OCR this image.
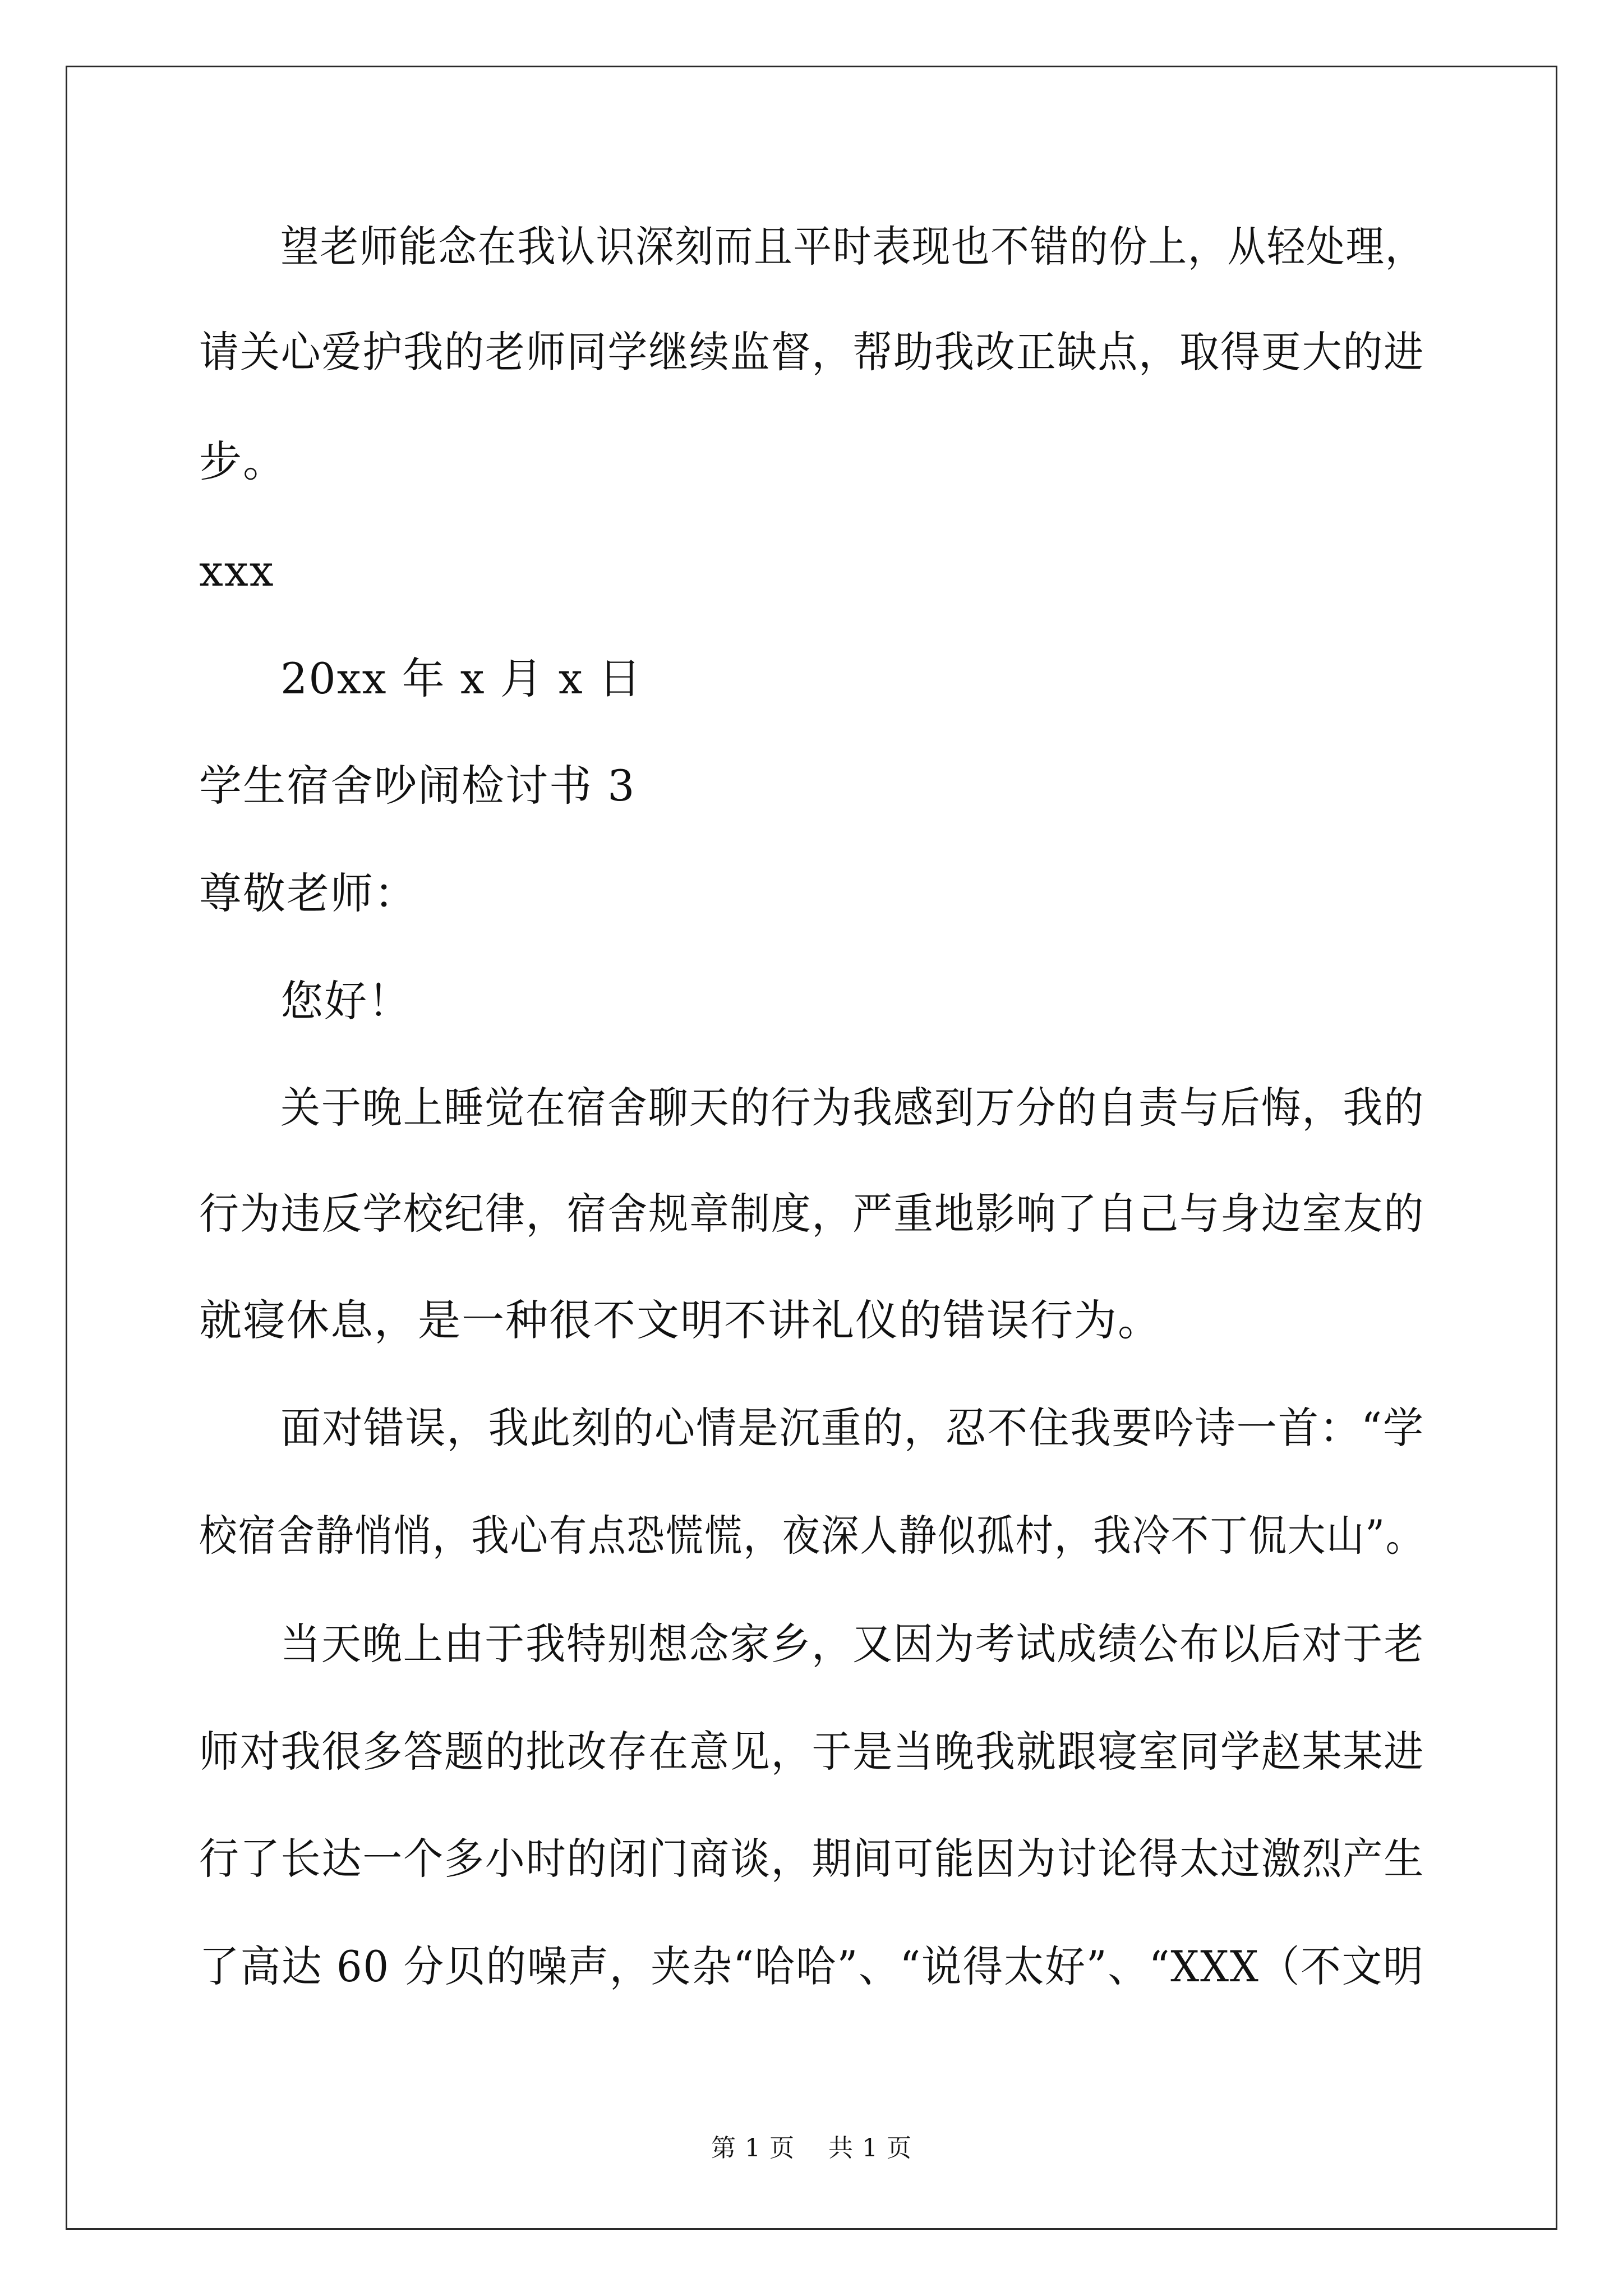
望老师能念在我认识深刻而且平时表现也不错的份上，从轻处理，
请关心爱护我的老师同学继续监督，帮助我改正缺点，取得更大的进
步。
xxx
20xx 年 x 月 x 日
学生宿舍吵闹检讨书 3
尊敬老师：
您好！
关于晚上睡觉在宿舍聊天的行为我感到万分的自责与后悔，我的
行为违反学校纪律，宿舍规章制度，严重地影响了自己与身边室友的
就寝休息，是一种很不文明不讲礼仪的错误行为。
面对错误，我此刻的心情是沉重的，忍不住我要吟诗一首：“学
校宿舍静悄悄，我心有点恐慌慌，夜深人静似孤村，我冷不丁侃大山”。
当天晚上由于我特别想念家乡，又因为考试成绩公布以后对于老
师对我很多答题的批改存在意见，于是当晚我就跟寝室同学赵某某进
行了长达一个多小时的闭门商谈，期间可能因为讨论得太过激烈产生
了高达 60 分贝的噪声，夹杂“哈哈”、“说得太好”、“XXX（不文明
第 1 页　 共 1 页
